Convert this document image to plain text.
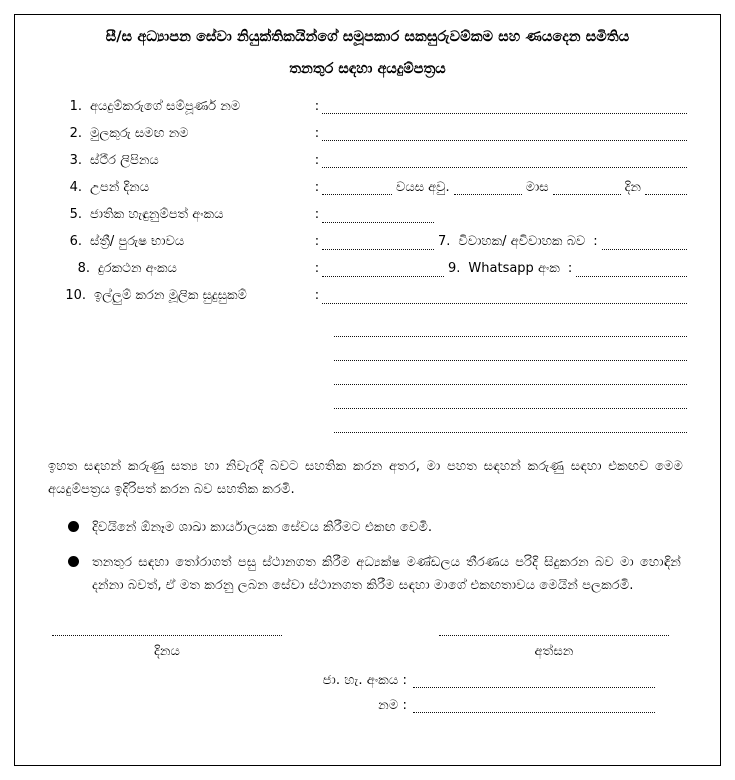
සී/ස අධ්‍යාපන සේවා නියුක්තිකයින්ගේ සමූපකාර සකසුරුවම්කම සහ ණයදෙන සමිතිය
තනතුර සඳහා අයදුම්පත්‍රය
1. අයදුම්කරුගේ සම්පූර්ණ නම	:
2. මුලකුරු සමඟ නම	:
3. ස්ථීර ලිපිනය	:
4. උපන් දිනය	:	වයස අවු.	මාස	දින
5. ජාතික හැඳුනුම්පත් අංකය	:
6. ස්ත්‍රී/ පුරුෂ භාවය	:	7. විවාහක/ අවිවාහක බව :
8. දුරකථන අංකය	:	9. Whatsapp අංක :
10. ඉල්ලුම් කරන මූලික සුදුසුකම්	:
ඉහත සඳහන් කරුණු සත්‍ය හා නිවැරදි බවට සහතික කරන අතර, මා පහත සඳහන් කරුණු සඳහා එකඟව මෙම අයදුම්පත්‍රය ඉදිරිපත් කරන බව සහතික කරමි.
දිවයිනේ ඕනෑම ශාඛා කාර්යාලයක සේවය කිරීමට එකඟ වෙමි.
තනතුර සඳහා තෝරාගත් පසු ස්ථානගත කිරීම අධ්‍යක්ෂ මණ්ඩලය තීරණය පරිදි සිදුකරන බව මා හොඳින් දන්නා බවත්, ඒ මත කරනු ලබන සේවා ස්ථානගත කිරීම සඳහා මාගේ එකඟතාවය මෙයින් පලකරමි.
දිනය	අත්සන
ජා. හැ. අංකය :
නම :
